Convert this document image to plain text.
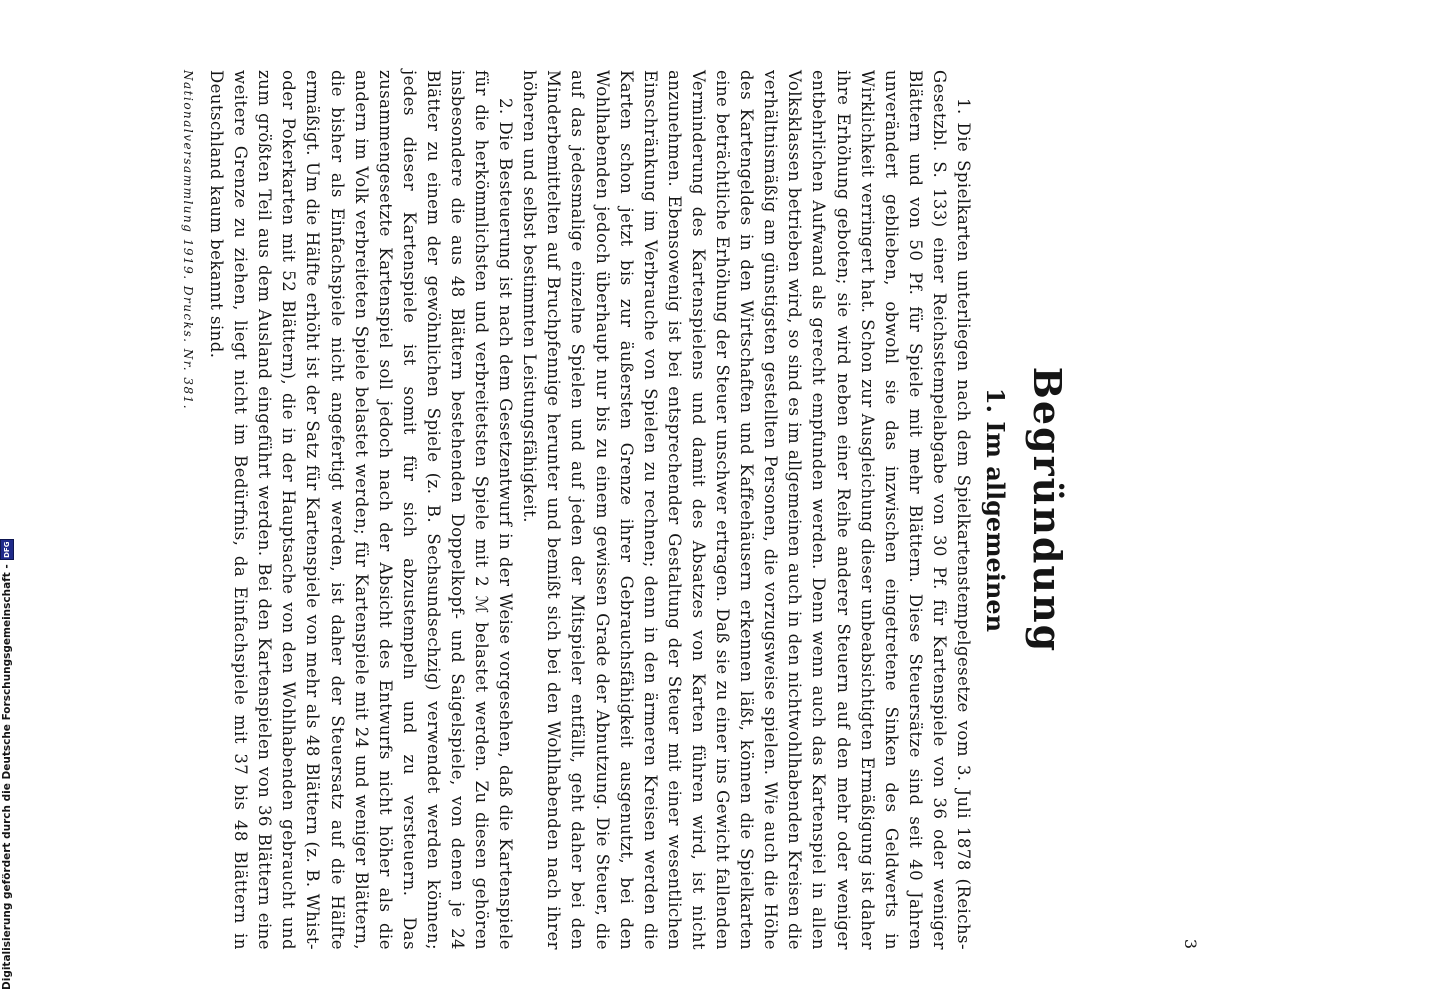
3
Begründung
1. Im allgemeinen

1. Die Spielkarten unterliegen nach dem Spielkartenstempelgesetze vom 3. Juli 1878 (Reichs-Gesetzbl. S. 133) einer Reichsstempelabgabe von 30 Pf. für Kartenspiele von 36 oder weniger Blättern und von 50 Pf. für Spiele mit mehr Blättern. Diese Steuersätze sind seit 40 Jahren unverändert geblieben, obwohl sie das inzwischen eingetretene Sinken des Geldwerts in Wirklichkeit verringert hat. Schon zur Ausgleichung dieser unbeabsichtigten Ermäßigung ist daher ihre Erhöhung geboten; sie wird neben einer Reihe anderer Steuern auf den mehr oder weniger entbehrlichen Aufwand als gerecht empfunden werden. Denn wenn auch das Kartenspiel in allen Volksklassen betrieben wird, so sind es im allgemeinen auch in den nichtwohlhabenden Kreisen die verhältnismäßig am günstigsten gestellten Personen, die vorzugsweise spielen. Wie auch die Höhe des Kartengeldes in den Wirtschaften und Kaffeehäusern erkennen läßt, können die Spielkarten eine beträchtliche Erhöhung der Steuer unschwer ertragen. Daß sie zu einer ins Gewicht fallenden Verminderung des Kartenspielens und damit des Absatzes von Karten führen wird, ist nicht anzunehmen. Ebensowenig ist bei entsprechender Gestaltung der Steuer mit einer wesentlichen Einschränkung im Verbrauche von Spielen zu rechnen; denn in den ärmeren Kreisen werden die Karten schon jetzt bis zur äußersten Grenze ihrer Gebrauchsfähigkeit ausgenutzt, bei den Wohlhabenden jedoch überhaupt nur bis zu einem gewissen Grade der Abnutzung. Die Steuer, die auf das jedesmalige einzelne Spielen und auf jeden der Mitspieler entfällt, geht daher bei den Minderbemittelten auf Bruchpfennige herunter und bemißt sich bei den Wohlhabenden nach ihrer höheren und selbst bestimmten Leistungsfähigkeit.

2. Die Besteuerung ist nach dem Gesetzentwurf in der Weise vorgesehen, daß die Kartenspiele für die herkömmlichsten und verbreitetsten Spiele mit 2 ℳ belastet werden. Zu diesen gehören insbesondere die aus 48 Blättern bestehenden Doppelkopf- und Saigelspiele, von denen je 24 Blätter zu einem der gewöhnlichen Spiele (z. B. Sechsundsechzig) verwendet werden können; jedes dieser Kartenspiele ist somit für sich abzustempeln und zu versteuern. Das zusammengesetzte Kartenspiel soll jedoch nach der Absicht des Entwurfs nicht höher als die andern im Volk verbreiteten Spiele belastet werden; für Kartenspiele mit 24 und weniger Blättern, die bisher als Einfachspiele nicht angefertigt werden, ist daher der Steuersatz auf die Hälfte ermäßigt. Um die Hälfte erhöht ist der Satz für Kartenspiele von mehr als 48 Blättern (z. B. Whist- oder Pokerkarten mit 52 Blättern), die in der Hauptsache von den Wohlhabenden gebraucht und zum größten Teil aus dem Ausland eingeführt werden. Bei den Kartenspielen von 36 Blättern eine weitere Grenze zu ziehen, liegt nicht im Bedürfnis, da Einfachspiele mit 37 bis 48 Blättern in Deutschland kaum bekannt sind.

Nationalversammlung 1919. Drucks. Nr. 381.
Digitalisierung gefördert durch die Deutsche Forschungsgemeinschaft -
DFG
